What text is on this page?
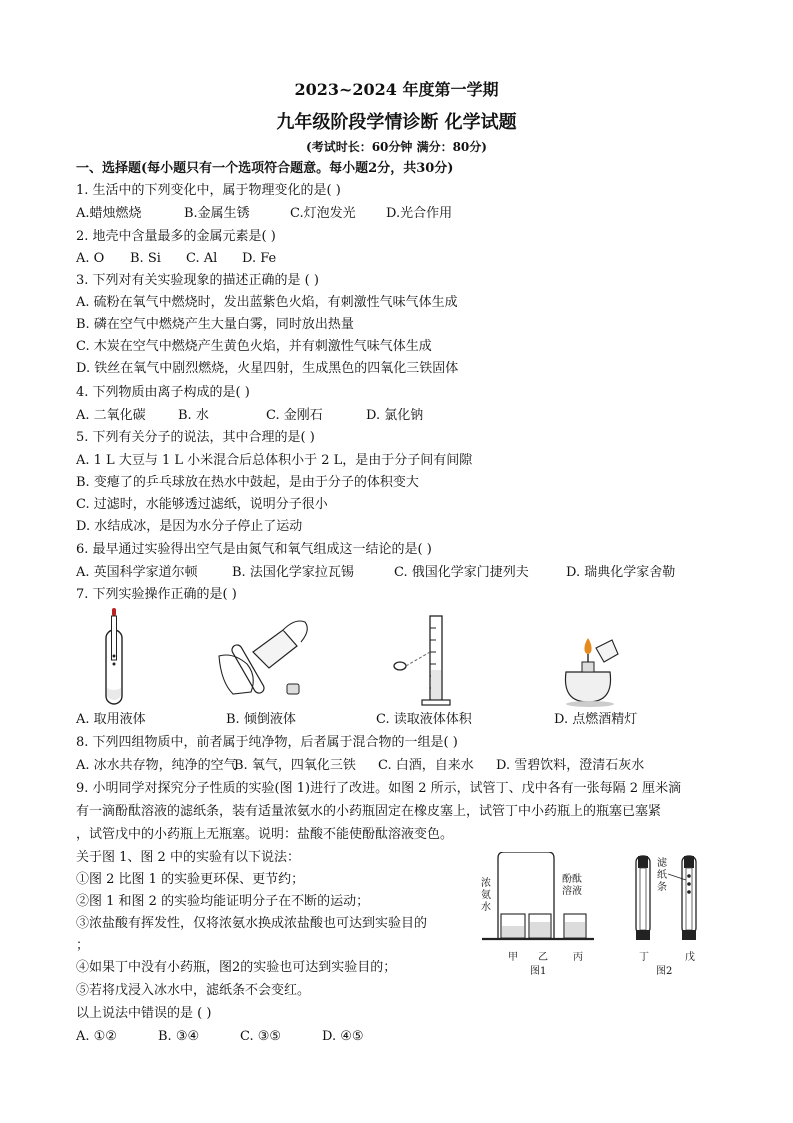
2023~2024 年度第一学期
九年级阶段学情诊断 化学试题
(考试时长：60分钟 满分：80分)
一、选择题(每小题只有一个选项符合题意。每小题2分，共30分)
1. 生活中的下列变化中，属于物理变化的是( )
A.蜡烛燃烧	B.金属生锈	C.灯泡发光 D.光合作用
2. 地壳中含量最多的金属元素是( )
A. O B. Si C. Al D. Fe
3. 下列对有关实验现象的描述正确的是 ( )
A. 硫粉在氧气中燃烧时，发出蓝紫色火焰，有刺激性气味气体生成
B. 磷在空气中燃烧产生大量白雾，同时放出热量
C. 木炭在空气中燃烧产生黄色火焰，并有刺激性气味气体生成
D. 铁丝在氧气中剧烈燃烧，火星四射，生成黑色的四氧化三铁固体
4. 下列物质由离子构成的是( )
A. 二氧化碳 B. 水	C. 金刚石	D. 氯化钠
5. 下列有关分子的说法，其中合理的是( )
A. 1 L 大豆与 1 L 小米混合后总体积小于 2 L，是由于分子间有间隙
B. 变瘪了的乒乓球放在热水中鼓起，是由于分子的体积变大
C. 过滤时，水能够透过滤纸，说明分子很小
D. 水结成冰，是因为水分子停止了运动
6. 最早通过实验得出空气是由氮气和氧气组成这一结论的是( )
A. 英国科学家道尔顿	B. 法国化学家拉瓦锡	C. 俄国化学家门捷列夫	D. 瑞典化学家舍勒
7. 下列实验操作正确的是( )
A. 取用液体	B. 倾倒液体	C. 读取液体体积	D. 点燃酒精灯
8. 下列四组物质中，前者属于纯净物，后者属于混合物的一组是( )
A. 冰水共存物，纯净的空气B. 氧气，四氧化三铁 C. 白酒，自来水 D. 雪碧饮料，澄清石灰水
9. 小明同学对探究分子性质的实验(图 1)进行了改进。如图 2 所示，试管丁、戊中各有一张每隔 2 厘米滴
有一滴酚酞溶液的滤纸条，装有适量浓氨水的小药瓶固定在橡皮塞上，试管丁中小药瓶上的瓶塞已塞紧
，试管戊中的小药瓶上无瓶塞。说明：盐酸不能使酚酞溶液变色。
关于图 1、图 2 中的实验有以下说法：
①图 2 比图 1 的实验更环保、更节约；
②图 1 和图 2 的实验均能证明分子在不断的运动；
③浓盐酸有挥发性，仅将浓氨水换成浓盐酸也可达到实验目的
；
④如果丁中没有小药瓶，图2的实验也可达到实验目的；
⑤若将戊浸入冰水中，滤纸条不会变红。
以上说法中错误的是 ( )
A. ①②	B. ③④	C. ③⑤	D. ④⑤
浓氨水
酚酞溶液
甲 乙	丙
图1
滤纸条
丁	戊
图2
